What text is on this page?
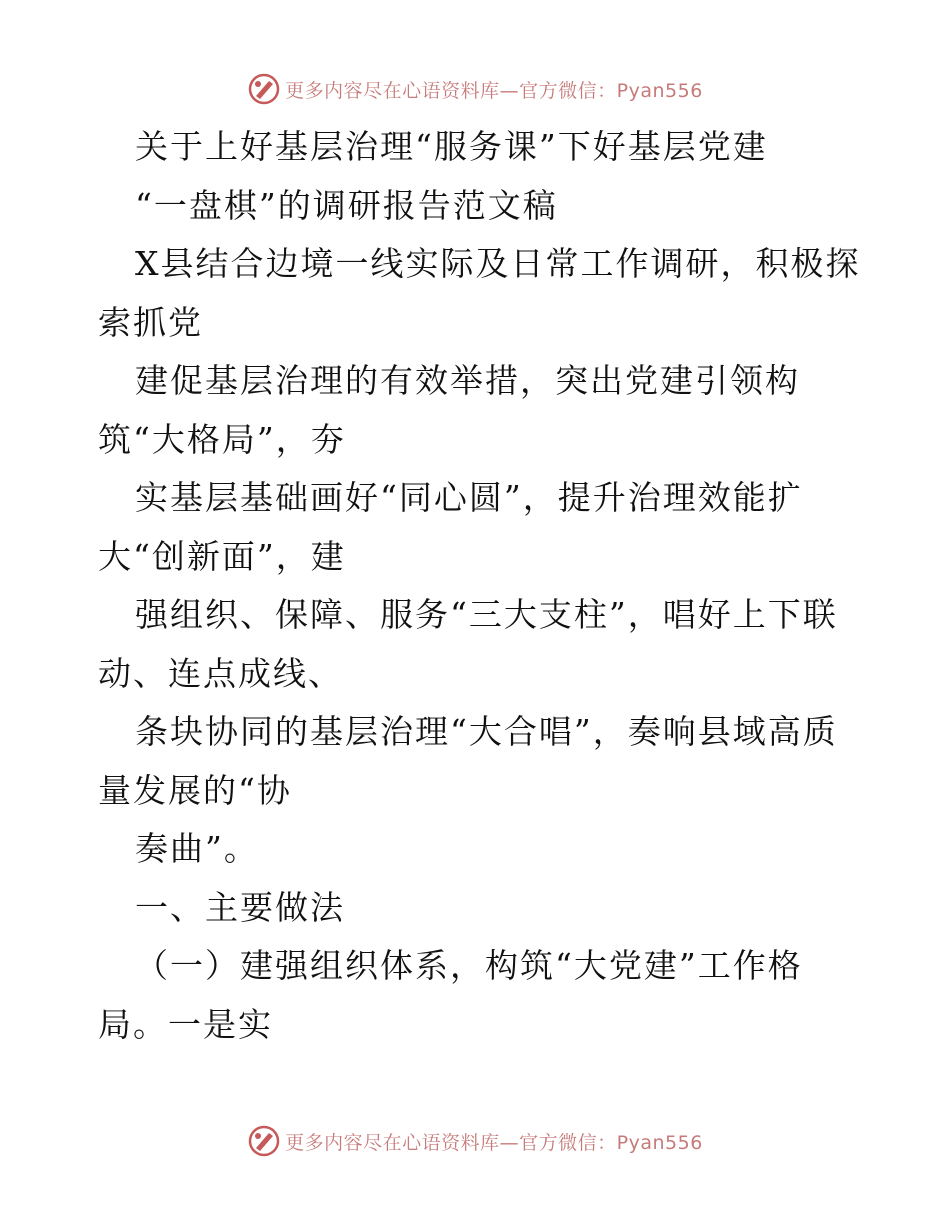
更多内容尽在心语资料库—官方微信：Pyan556
关于上好基层治理“服务课”下好基层党建
“一盘棋”的调研报告范文稿
X县结合边境一线实际及日常工作调研，积极探
索抓党
建促基层治理的有效举措，突出党建引领构
筑“大格局”，夯
实基层基础画好“同心圆”，提升治理效能扩
大“创新面”，建
强组织、保障、服务“三大支柱”，唱好上下联
动、连点成线、
条块协同的基层治理“大合唱”，奏响县域高质
量发展的“协
奏曲”。
一、主要做法
（一）建强组织体系，构筑“大党建”工作格
局。一是实
更多内容尽在心语资料库—官方微信：Pyan556
